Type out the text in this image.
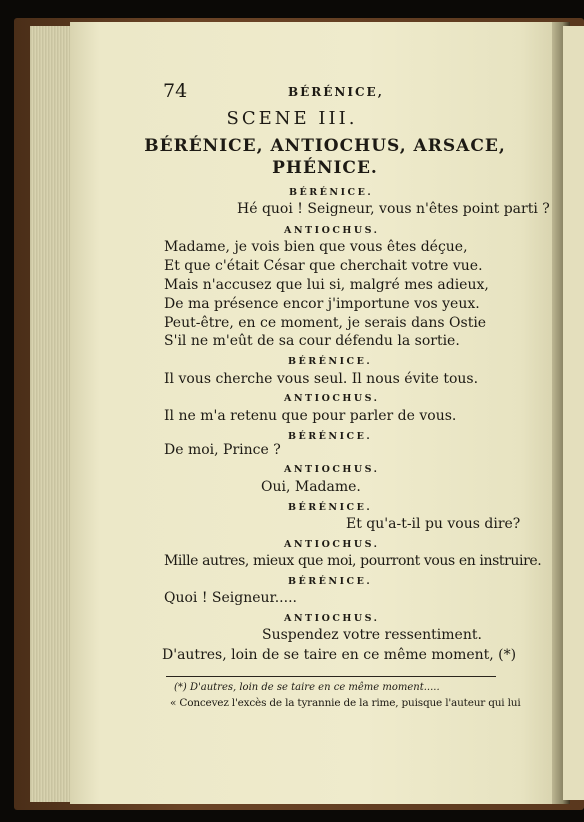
74	BÉRÉNICE,
SCENE III.
BÉRÉNICE, ANTIOCHUS, ARSACE,
PHÉNICE.
BÉRÉNICE.
Hé quoi ! Seigneur, vous n'êtes point parti ?
ANTIOCHUS.
Madame, je vois bien que vous êtes déçue,
Et que c'était César que cherchait votre vue.
Mais n'accusez que lui si, malgré mes adieux,
De ma présence encor j'importune vos yeux.
Peut-être, en ce moment, je serais dans Ostie
S'il ne m'eût de sa cour défendu la sortie.
BÉRÉNICE.
Il vous cherche vous seul. Il nous évite tous.
ANTIOCHUS.
Il ne m'a retenu que pour parler de vous.
BÉRÉNICE.
De moi, Prince ?
ANTIOCHUS.
Oui, Madame.
BÉRÉNICE.
Et qu'a-t-il pu vous dire?
ANTIOCHUS.
Mille autres, mieux que moi, pourront vous en instruire.
BÉRÉNICE.
Quoi ! Seigneur.....
ANTIOCHUS.
Suspendez votre ressentiment.
D'autres, loin de se taire en ce même moment, (*)
(*) D'autres, loin de se taire en ce même moment.....
« Concevez l'excès de la tyrannie de la rime, puisque l'auteur qui lui
